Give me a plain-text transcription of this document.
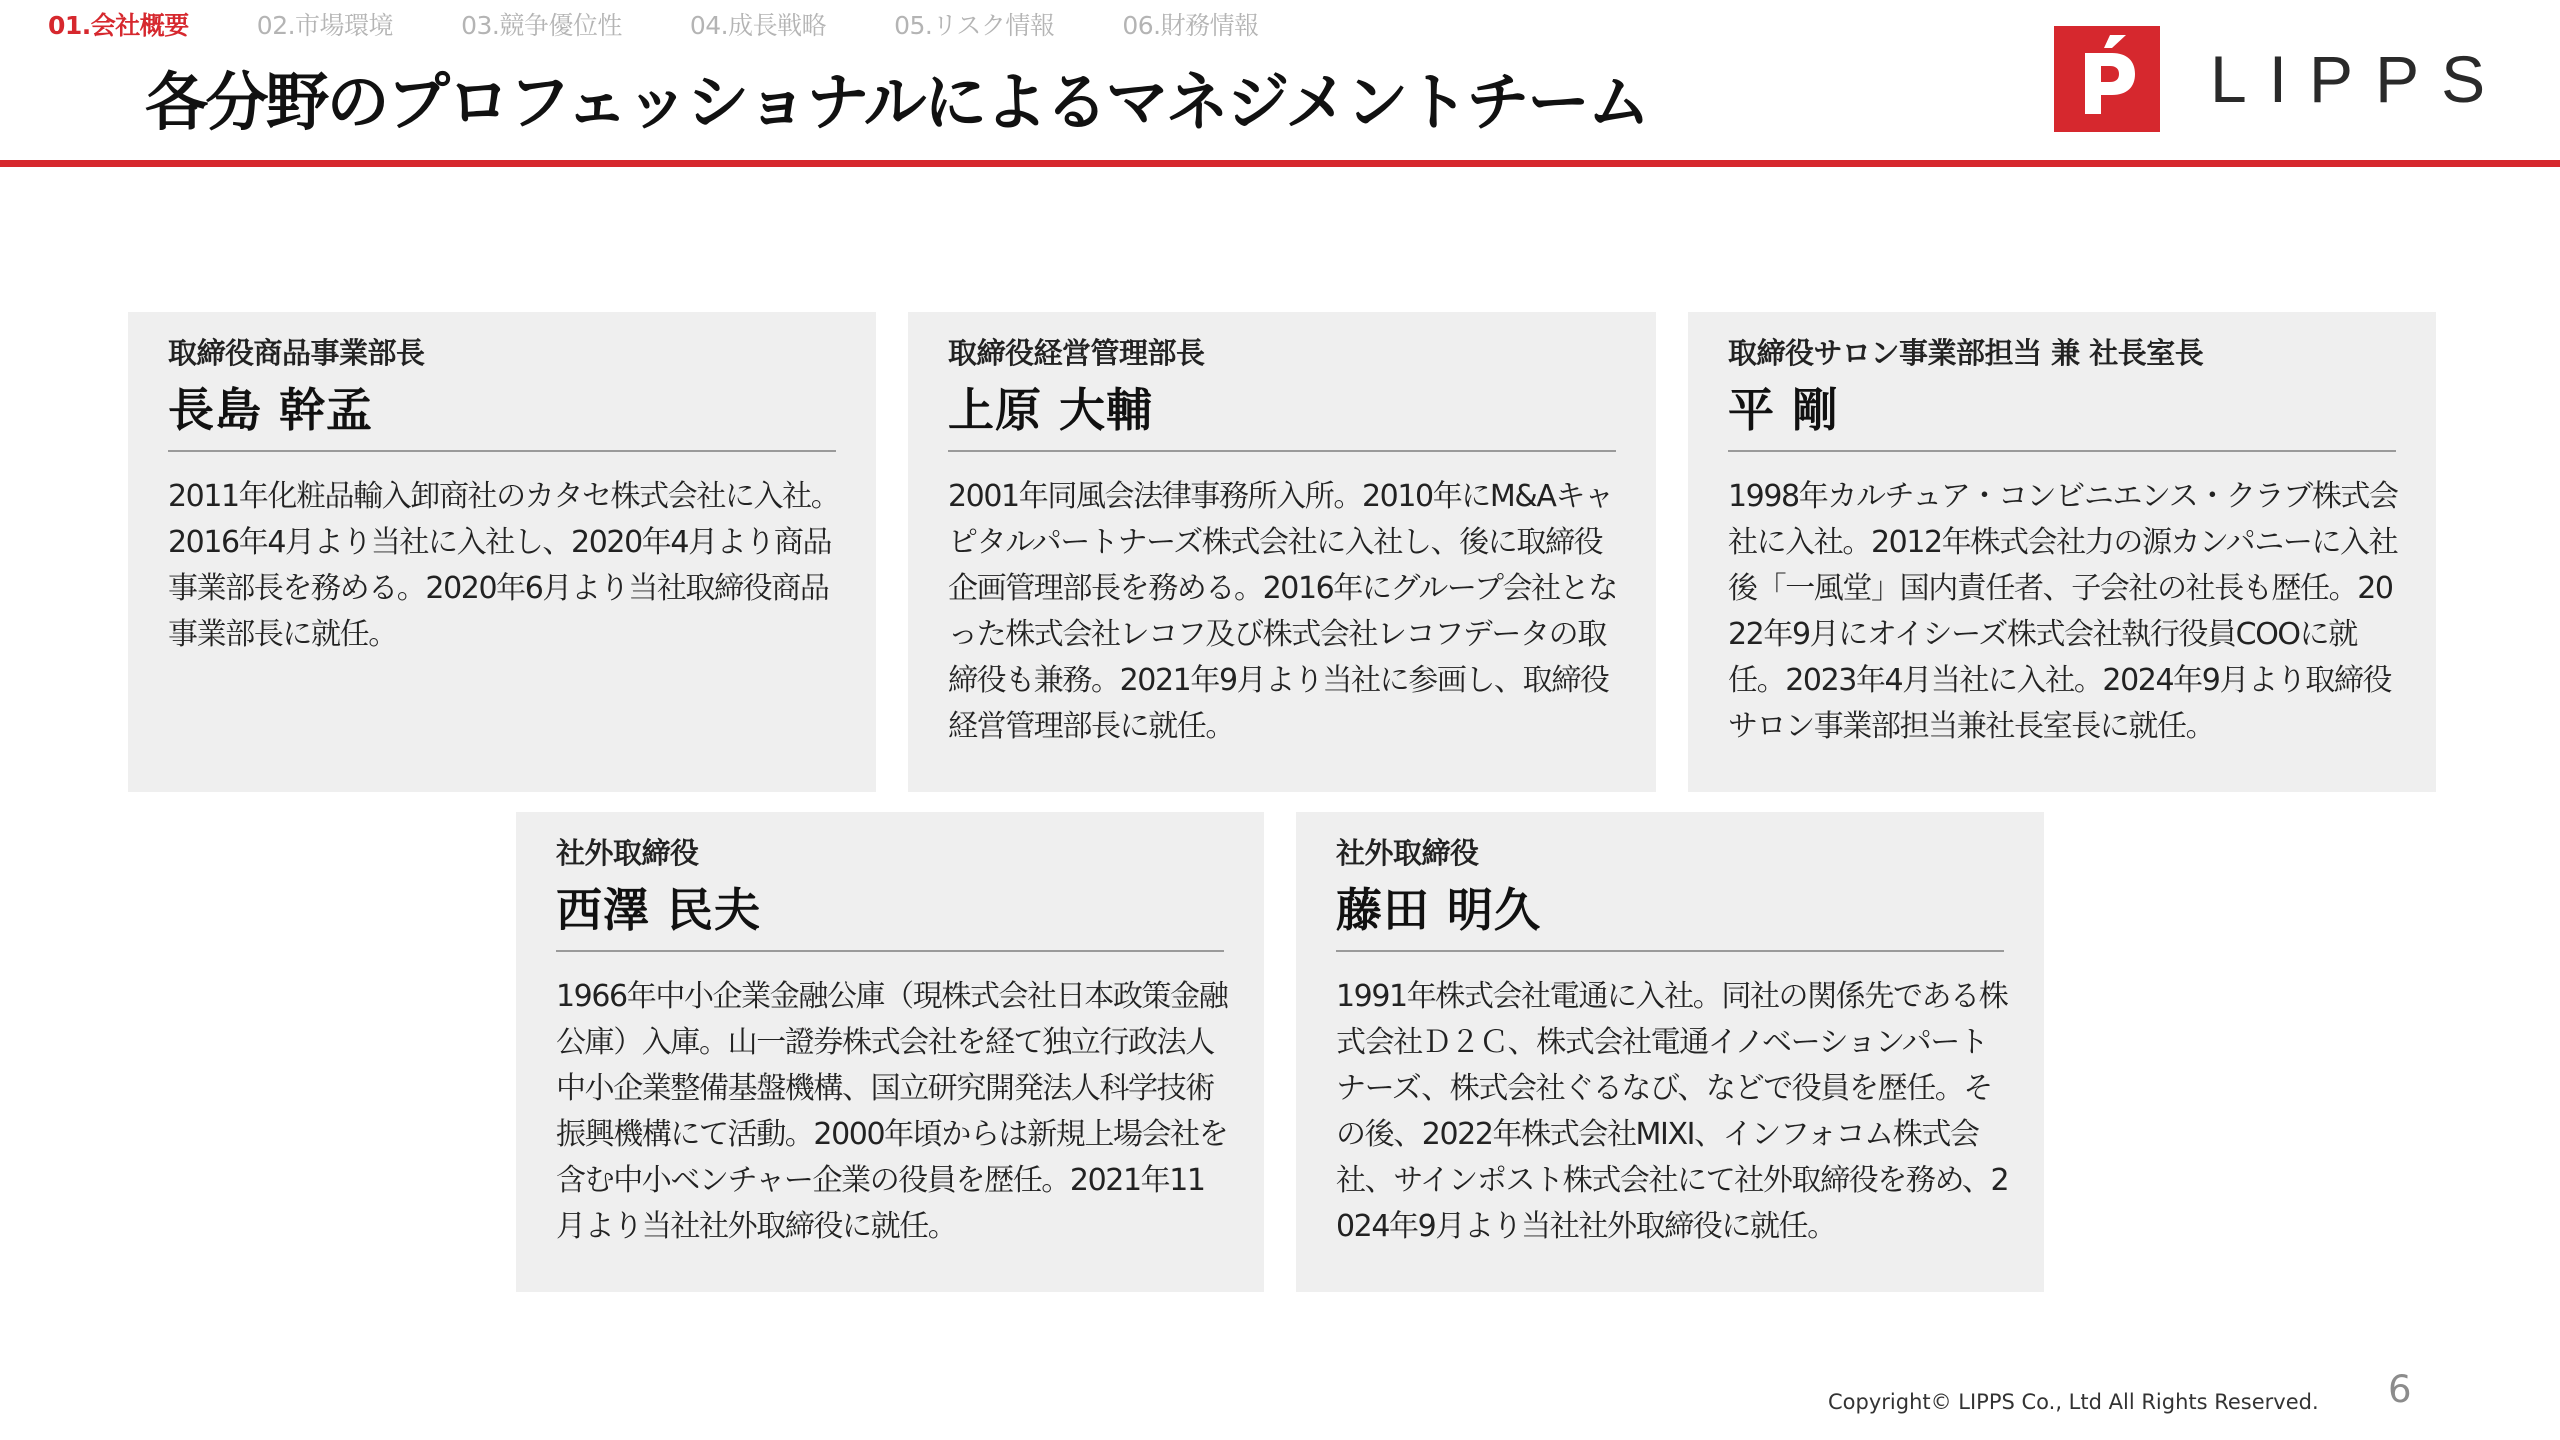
01.会社概要	02.市場環境	03.競争優位性	04.成長戦略	05.リスク情報	06.財務情報
各分野のプロフェッショナルによるマネジメントチーム	LIPPS
取締役商品事業部長
長島 幹孟
2011年化粧品輸入卸商社のカタセ株式会社に入社。2016年4月より当社に入社し、2020年4月より商品事業部長を務める。2020年6月より当社取締役商品事業部長に就任。
取締役経営管理部長
上原 大輔
2001年同風会法律事務所入所。2010年にM&Aキャピタルパートナーズ株式会社に入社し、後に取締役企画管理部長を務める。2016年にグループ会社となった株式会社レコフ及び株式会社レコフデータの取締役も兼務。2021年9月より当社に参画し、取締役経営管理部長に就任。
取締役サロン事業部担当 兼 社長室長
平 剛
1998年カルチュア・コンビニエンス・クラブ株式会社に入社。2012年株式会社力の源カンパニーに入社後「一風堂」国内責任者、子会社の社長も歴任。2022年9月にオイシーズ株式会社執行役員COOに就任。2023年4月当社に入社。2024年9月より取締役サロン事業部担当兼社長室長に就任。
社外取締役
西澤 民夫
1966年中小企業金融公庫（現株式会社日本政策金融公庫）入庫。山一證券株式会社を経て独立行政法人中小企業整備基盤機構、国立研究開発法人科学技術振興機構にて活動。2000年頃からは新規上場会社を含む中小ベンチャー企業の役員を歴任。2021年11月より当社社外取締役に就任。
社外取締役
藤田 明久
1991年株式会社電通に入社。同社の関係先である株式会社Ｄ２Ｃ、株式会社電通イノベーションパートナーズ、株式会社ぐるなび、などで役員を歴任。その後、2022年株式会社MIXI、インフォコム株式会社、サインポスト株式会社にて社外取締役を務め、2024年9月より当社社外取締役に就任。
Copyright© LIPPS Co., Ltd All Rights Reserved. 6
